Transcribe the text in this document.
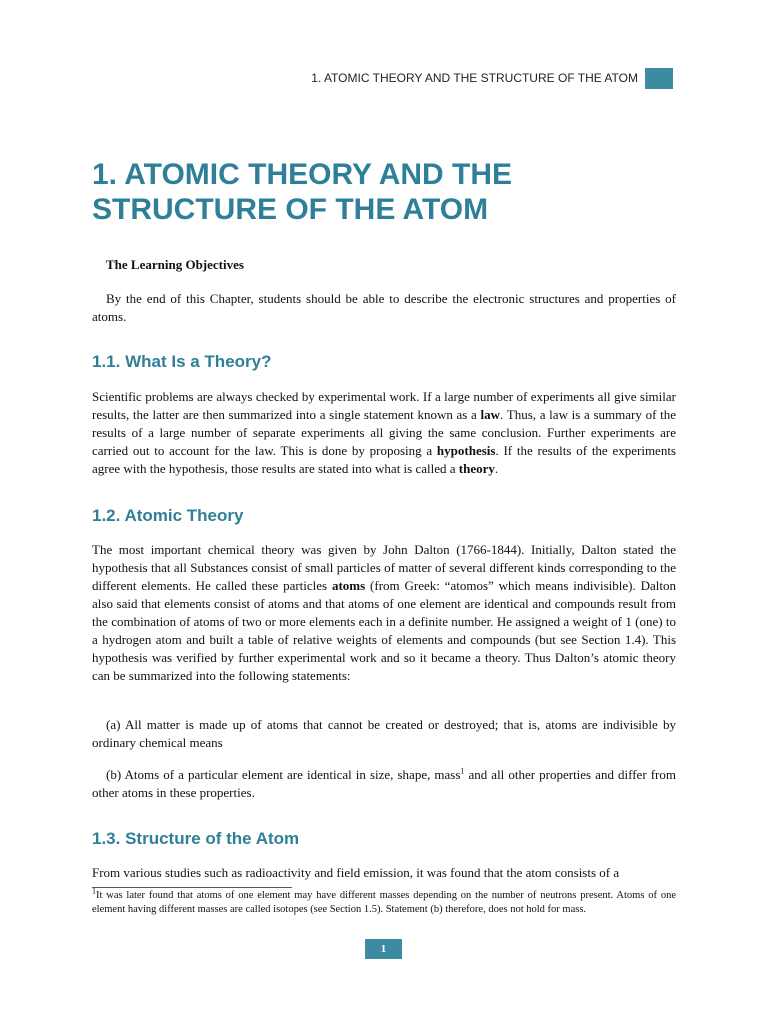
1. ATOMIC THEORY AND THE STRUCTURE OF THE ATOM
1. ATOMIC THEORY AND THE
STRUCTURE OF THE ATOM
The Learning Objectives

By the end of this Chapter, students should be able to describe the electronic structures and properties of atoms.

1.1. What Is a Theory?

Scientific problems are always checked by experimental work. If a large number of experiments all give similar results, the latter are then summarized into a single statement known as a law. Thus, a law is a summary of the results of a large number of separate experiments all giving the same conclusion. Further experiments are carried out to account for the law. This is done by proposing a hypothesis. If the results of the experiments agree with the hypothesis, those results are stated into what is called a theory.

1.2. Atomic Theory

The most important chemical theory was given by John Dalton (1766-1844). Initially, Dalton stated the hypothesis that all Substances consist of small particles of matter of several different kinds corresponding to the different elements. He called these particles atoms (from Greek: “atomos” which means indivisible). Dalton also said that elements consist of atoms and that atoms of one element are identical and compounds result from the combination of atoms of two or more elements each in a definite number. He assigned a weight of 1 (one) to a hydrogen atom and built a table of relative weights of elements and compounds (but see Section 1.4). This hypothesis was verified by further experimental work and so it became a theory. Thus Dalton’s atomic theory can be summarized into the following statements:

(a) All matter is made up of atoms that cannot be created or destroyed; that is, atoms are indivisible by ordinary chemical means

(b) Atoms of a particular element are identical in size, shape, mass$^1$ and all other properties and differ from other atoms in these properties.

1.3. Structure of the Atom

From various studies such as radioactivity and field emission, it was found that the atom consists of a

$^1$It was later found that atoms of one element may have different masses depending on the number of neutrons present. Atoms of one element having different masses are called isotopes (see Section 1.5). Statement (b) therefore, does not hold for mass.
1
